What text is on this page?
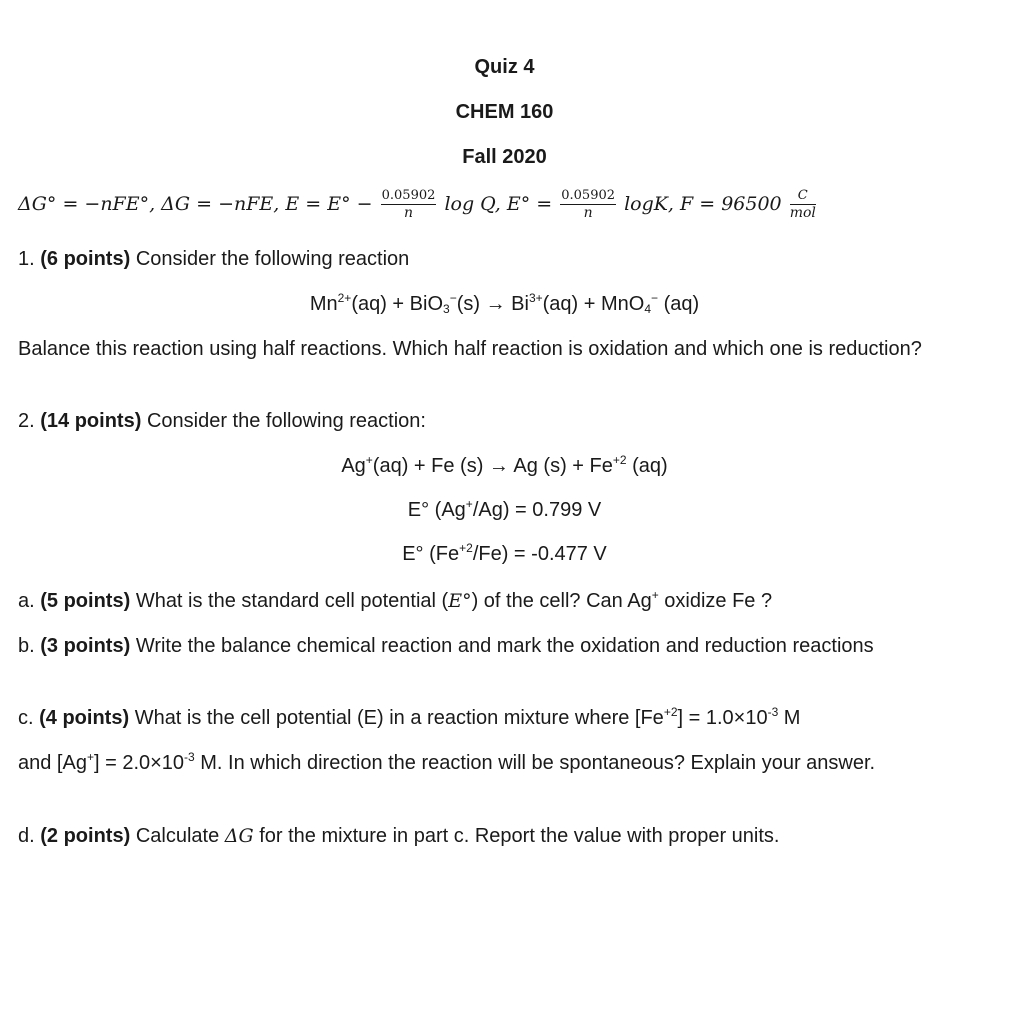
Quiz 4
CHEM 160
Fall 2020
ΔG° = −nFE°, ΔG = −nFE, $E = E^\circ - \frac{0.05902}{n}$ log Q, $E^\circ = \frac{0.05902}{n} \log K$, $F = 96500 \frac{C}{\text{mol}}$
1. (6 points) Consider the following reaction
$Mn^{2+}(aq) + BiO_3^-(s) \to Bi^{3+}(aq) + MnO_4^-$ (aq)
Balance this reaction using half reactions. Which half reaction is oxidation and which one is reduction?
2. (14 points) Consider the following reaction:
Ag+(aq) + Fe (s) → Ag $(s) + Fe^{+2}$ (aq)
E° (Ag+/Ag) = 0.799 V
E° $(Fe^{+2}/Fe) = -0.477$ V
a. (5 points) What is the standard cell potential (E°) of the cell? Can Ag+ oxidize Fe ?
b. (3 points) Write the balance chemical reaction and mark the oxidation and reduction reactions
c. (4 points) What is the cell potential (E) in a reaction mixture where $[Fe^{+2}] = 1.0\times 10^{-3}$ M
and $[Ag^+] = 2.0\times 10^{-3}$ M. In which direction the reaction will be spontaneous? Explain your answer.
d. (2 points) Calculate ΔG for the mixture in part c. Report the value with proper units.
